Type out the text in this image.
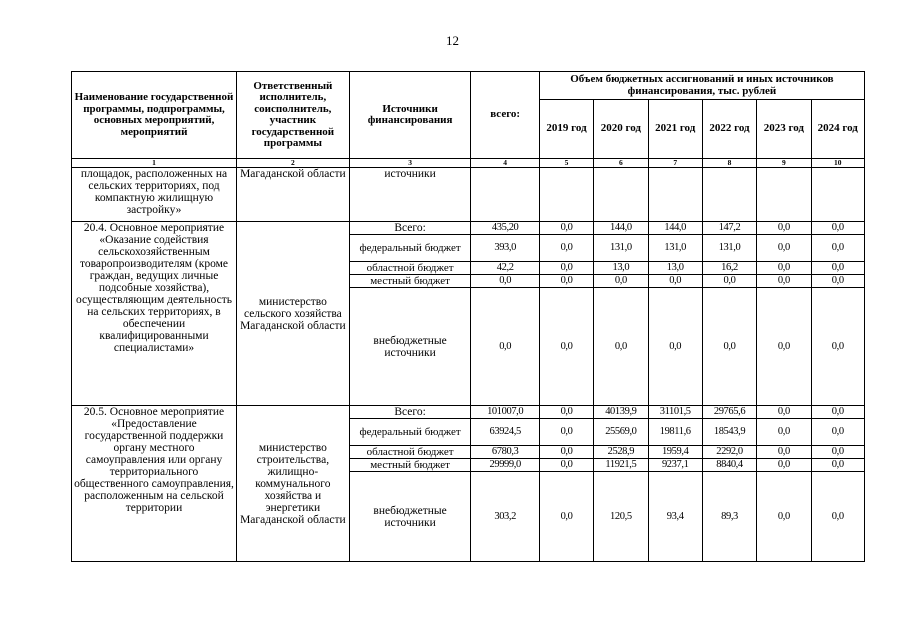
12
Наименование государственной программы, подпрограммы, основных мероприятий, мероприятий	Ответственный исполнитель, соисполнитель, участник государственной программы	Источники финансирования	всего:	Объем бюджетных ассигнований и иных источников финансирования, тыс. рублей					
				2019 год	2020 год	2021 год	2022 год	2023 год	2024 год
1	2	3	4	5	6	7	8	9	10
площадок, расположенных на сельских территориях, под компактную жилищную застройку»	Магаданской области	источники							
20.4. Основное мероприятие «Оказание содействия сельскохозяйственным товаропроизводителям (кроме граждан, ведущих личные подсобные хозяйства), осуществляющим деятельность на сельских территориях, в обеспечении квалифицированными специалистами»	министерство сельского хозяйства Магаданской области	Всего:	435,20	0,0	144,0	144,0	147,2	0,0	0,0
		федеральный бюджет	393,0	0,0	131,0	131,0	131,0	0,0	0,0
		областной бюджет	42,2	0,0	13,0	13,0	16,2	0,0	0,0
		местный бюджет	0,0	0,0	0,0	0,0	0,0	0,0	0,0
		внебюджетные источники	0,0	0,0	0,0	0,0	0,0	0,0	0,0
20.5. Основное мероприятие «Предоставление государственной поддержки органу местного самоуправления или органу территориального общественного самоуправления, расположенным на сельской территории	министерство строительства, жилищно-коммунального хозяйства и энергетики Магаданской области	Всего:	101007,0	0,0	40139,9	31101,5	29765,6	0,0	0,0
		федеральный бюджет	63924,5	0,0	25569,0	19811,6	18543,9	0,0	0,0
		областной бюджет	6780,3	0,0	2528,9	1959,4	2292,0	0,0	0,0
		местный бюджет	29999,0	0,0	11921,5	9237,1	8840,4	0,0	0,0
		внебюджетные источники	303,2	0,0	120,5	93,4	89,3	0,0	0,0
